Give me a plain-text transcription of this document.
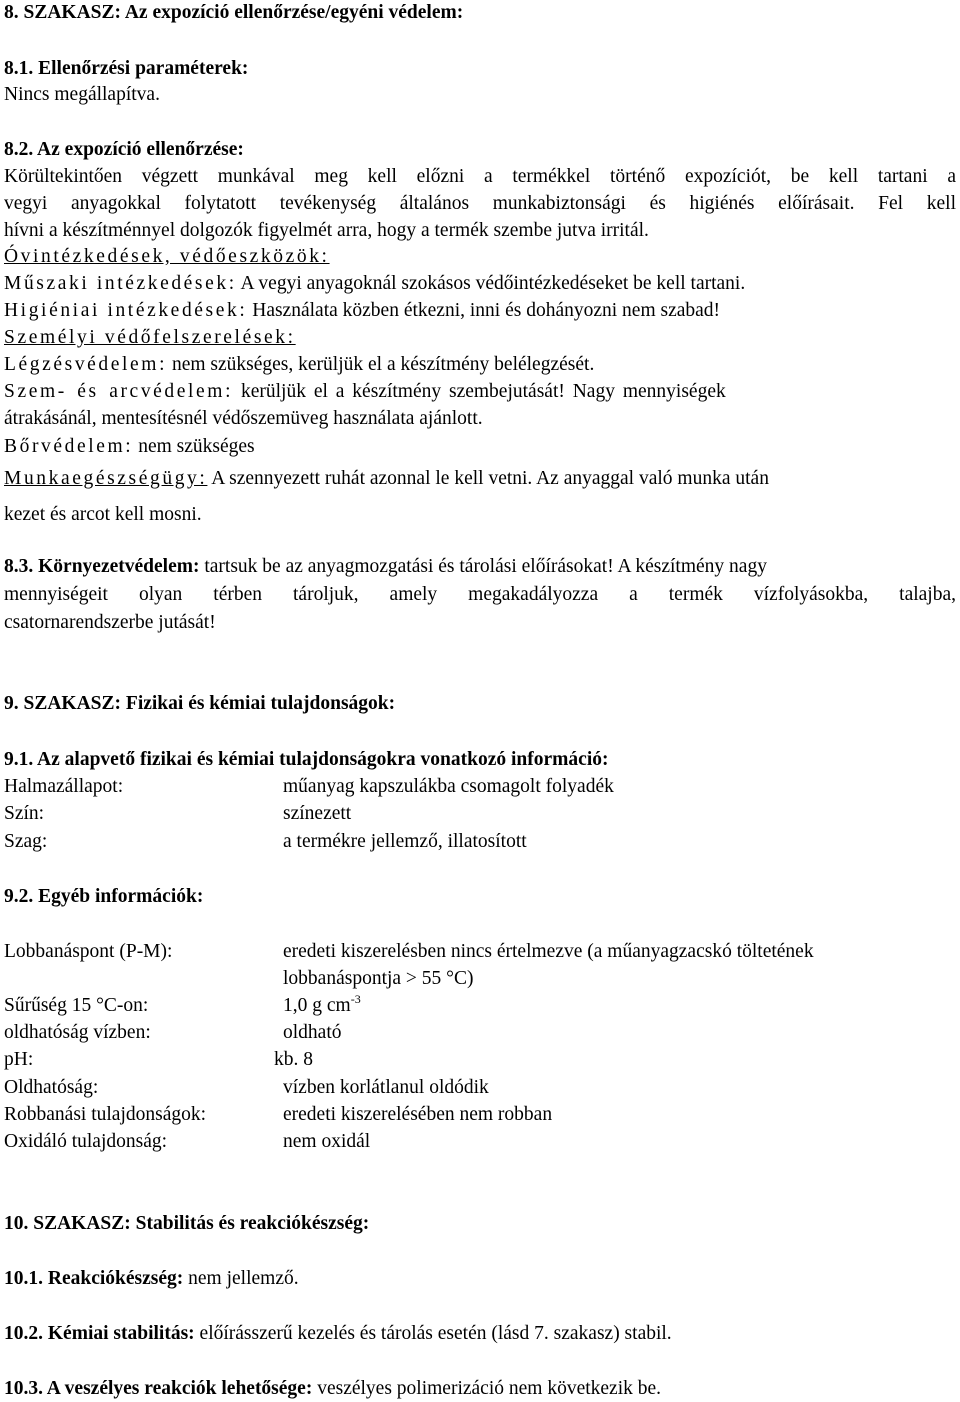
8. SZAKASZ: Az expozíció ellenőrzése/egyéni védelem:
8.1. Ellenőrzési paraméterek:
Nincs megállapítva.
8.2. Az expozíció ellenőrzése:
Körültekintően végzett munkával meg kell előzni a termékkel történő expozíciót, be kell tartani a
vegyi anyagokkal folytatott tevékenység általános munkabiztonsági és higiénés előírásait. Fel kell
hívni a készítménnyel dolgozók figyelmét arra, hogy a termék szembe jutva irritál.
Óvintézkedések, védőeszközök:
Műszaki intézkedések: A vegyi anyagoknál szokásos védőintézkedéseket be kell tartani.
Higiéniai intézkedések: Használata közben étkezni, inni és dohányozni nem szabad!
Személyi védőfelszerelések:
Légzésvédelem: nem szükséges, kerüljük el a készítmény belélegzését.
Szem- és arcvédelem: kerüljük el a készítmény szembejutását! Nagy mennyiségek
átrakásánál, mentesítésnél védőszemüveg használata ajánlott.
Bőrvédelem: nem szükséges
Munkaegészségügy: A szennyezett ruhát azonnal le kell vetni. Az anyaggal való munka után
kezet és arcot kell mosni.
8.3. Környezetvédelem: tartsuk be az anyagmozgatási és tárolási előírásokat! A készítmény nagy
mennyiségeit olyan térben tároljuk, amely megakadályozza a termék vízfolyásokba, talajba,
csatornarendszerbe jutását!
9. SZAKASZ: Fizikai és kémiai tulajdonságok:
9.1. Az alapvető fizikai és kémiai tulajdonságokra vonatkozó információ:
Halmazállapot:	műanyag kapszulákba csomagolt folyadék
Szín:	színezett
Szag:	a termékre jellemző, illatosított
9.2. Egyéb információk:
Lobbanáspont (P-M):	eredeti kiszerelésben nincs értelmezve (a műanyagzacskó töltetének
lobbanáspontja > 55 °C)
Sűrűség 15 °C-on:	1,0 g $cm^{-3}$
oldhatóság vízben:	oldható
pH:	kb. 8
Oldhatóság:	vízben korlátlanul oldódik
Robbanási tulajdonságok:	eredeti kiszerelésében nem robban
Oxidáló tulajdonság:	nem oxidál
10. SZAKASZ: Stabilitás és reakciókészség:
10.1. Reakciókészség: nem jellemző.
10.2. Kémiai stabilitás: előírásszerű kezelés és tárolás esetén (lásd 7. szakasz) stabil.
10.3. A veszélyes reakciók lehetősége: veszélyes polimerizáció nem következik be.
